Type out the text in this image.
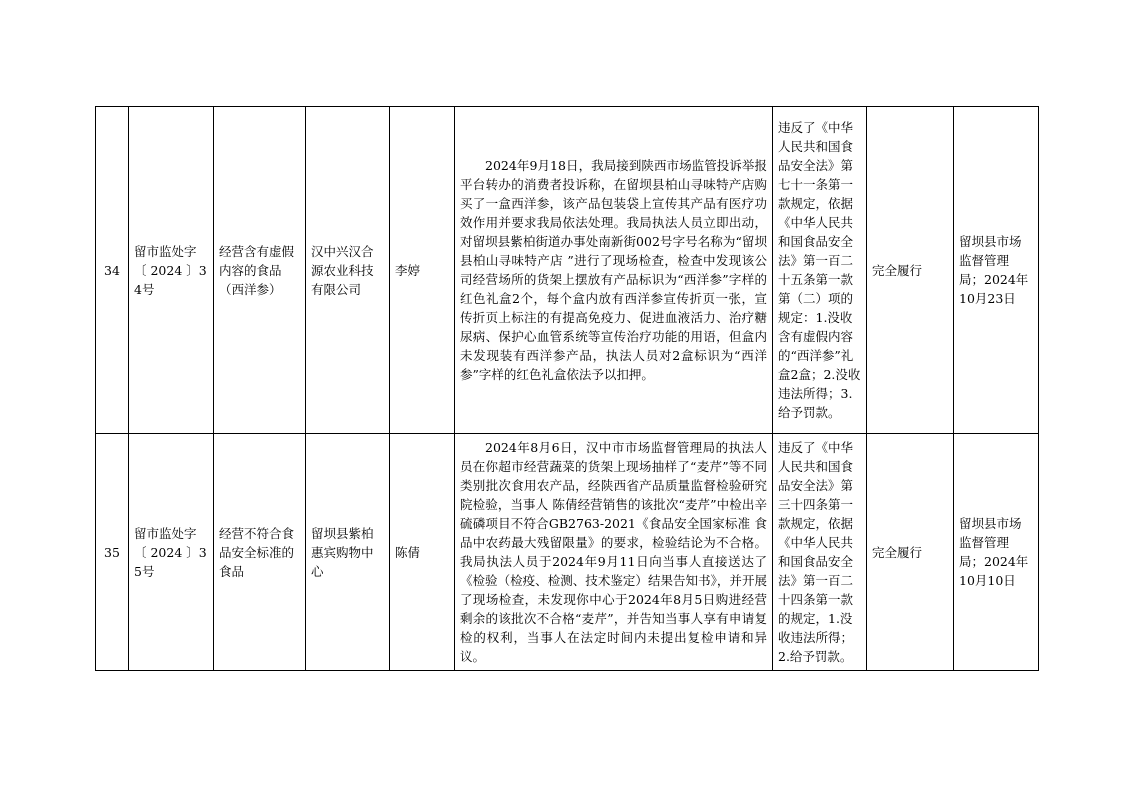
34	留市监处字〔 2024 〕34号	经营含有虚假内容的食品（西洋参）	汉中兴汉合源农业科技有限公司	李婷	2024年9月18日，我局接到陕西市场监管投诉举报平台转办的消费者投诉称，在留坝县柏山寻味特产店购买了一盒西洋参，该产品包装袋上宣传其产品有医疗功效作用并要求我局依法处理。我局执法人员立即出动，对留坝县紫柏街道办事处南新街002号字号名称为“留坝县柏山寻味特产店 ”进行了现场检查，检查中发现该公司经营场所的货架上摆放有产品标识为“西洋参”字样的红色礼盒2个，每个盒内放有西洋参宣传折页一张，宣传折页上标注的有提高免疫力、促进血液活力、治疗糖尿病、保护心血管系统等宣传治疗功能的用语，但盒内未发现装有西洋参产品，执法人员对2盒标识为“西洋参”字样的红色礼盒依法予以扣押。	违反了《中华人民共和国食品安全法》第七十一条第一款规定，依据《中华人民共和国食品安全法》第一百二十五条第一款第（二）项的规定：1.没收含有虚假内容的“西洋参”礼盒2盒；2.没收违法所得；3.给予罚款。	完全履行	留坝县市场监督管理局；2024年10月23日
35	留市监处字〔 2024 〕35号	经营不符合食品安全标准的食品	留坝县紫柏惠宾购物中心	陈倩	2024年8月6日，汉中市市场监督管理局的执法人员在你超市经营蔬菜的货架上现场抽样了“麦芹”等不同类别批次食用农产品，经陕西省产品质量监督检验研究院检验，当事人 陈倩经营销售的该批次“麦芹”中检出辛硫磷项目不符合GB2763-2021《食品安全国家标准 食品中农药最大残留限量》的要求，检验结论为不合格。我局执法人员于2024年9月11日向当事人直接送达了《检验（检疫、检测、技术鉴定）结果告知书》，并开展了现场检查，未发现你中心于2024年8月5日购进经营剩余的该批次不合格“麦芹”，并告知当事人享有申请复检的权利，当事人在法定时间内未提出复检申请和异议。	违反了《中华人民共和国食品安全法》第三十四条第一款规定，依据《中华人民共和国食品安全法》第一百二十四条第一款的规定，1.没收违法所得；2.给予罚款。	完全履行	留坝县市场监督管理局；2024年10月10日
